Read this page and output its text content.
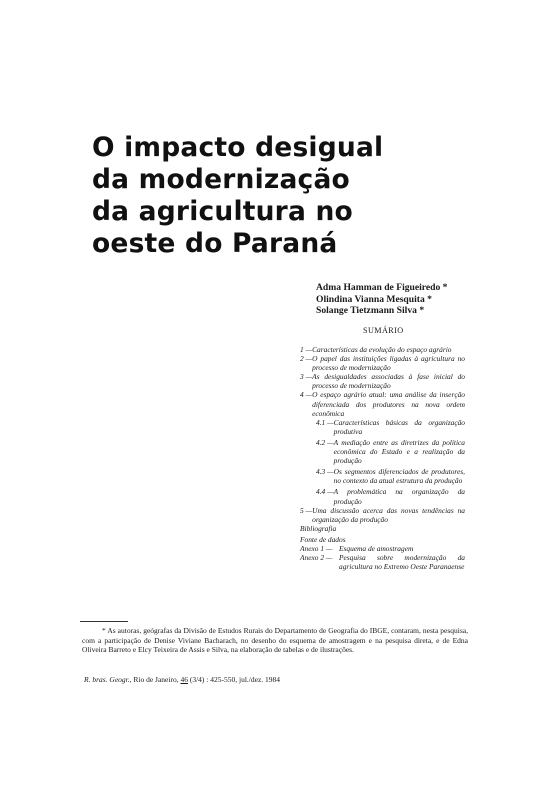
O impacto desigual
da modernização
da agricultura no
oeste do Paraná
Adma Hamman de Figueiredo *
Olindina Vianna Mesquita *
Solange Tietzmann Silva *
SUMÁRIO
1 — Características da evolução do espaço agrário
2 — O papel das instituições ligadas à agricultura no processo de modernização
3 — As desigualdades associadas à fase inicial do processo de modernização
4 — O espaço agrário atual: uma análise da inserção diferenciada dos produtores na nova ordem econômica
4.1 — Características básicas da organização produtiva
4.2 — A mediação entre as diretrizes da política econômica do Estado e a realização da produção
4.3 — Os segmentos diferenciados de produtores, no contexto da atual estrutura da produção
4.4 — A problemática na organização da produção
5 — Uma discussão acerca das novas tendências na organização da produção
Bibliografia
Fonte de dados
Anexo 1 — Esquema de amostragem
Anexo 2 — Pesquisa sobre modernização da agricultura no Extremo Oeste Paranaense

* As autoras, geógrafas da Divisão de Estudos Rurais do Departamento de Geografia do IBGE, contaram, nesta pesquisa, com a participação de Denise Viviane Bacharach, no desenho do esquema de amostragem e na pesquisa direta, e de Edna Oliveira Barreto e Elcy Teixeira de Assis e Silva, na elaboração de tabelas e de ilustrações.

R. bras. Geogr., Rio de Janeiro, 46 (3/4) : 425-550, jul./dez. 1984
